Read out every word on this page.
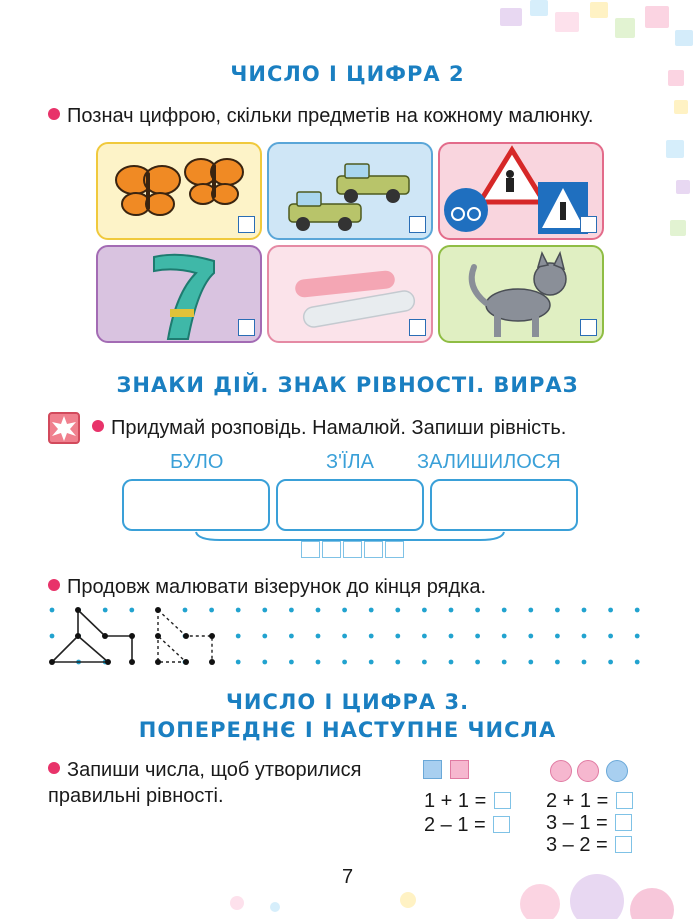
ЧИСЛО І ЦИФРА 2
Познач цифрою, скільки предметів на кожному малюнку.
ЗНАКИ ДІЙ. ЗНАК РІВНОСТІ. ВИРАЗ
Придумай розповідь. Намалюй. Запиши рівність.
БУЛО	З'ЇЛА ЗАЛИШИЛОСЯ
Продовж малювати візерунок до кінця рядка.
ЧИСЛО І ЦИФРА 3.
ПОПЕРЕДНЄ І НАСТУПНЕ ЧИСЛА
Запиши числа, щоб утворилися
правильні рівності.	1 + 1 =
2 – 1 =
2 + 1 =
3 – 1 =
3 – 2 =
7
